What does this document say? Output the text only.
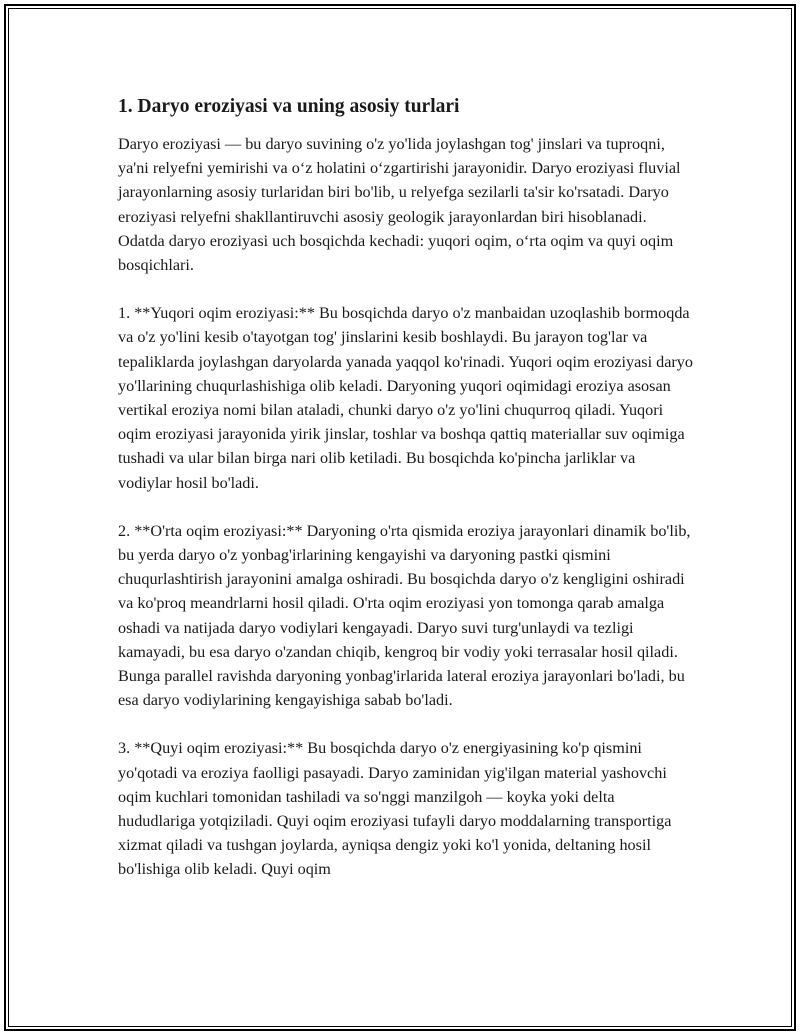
1. Daryo eroziyasi va uning asosiy turlari

Daryo eroziyasi — bu daryo suvining o'z yo'lida joylashgan tog' jinslari va tuproqni, ya'ni relyefni yemirishi va o‘z holatini o‘zgartirishi jarayonidir. Daryo eroziyasi fluvial jarayonlarning asosiy turlaridan biri bo'lib, u relyefga sezilarli ta'sir ko'rsatadi. Daryo eroziyasi relyefni shakllantiruvchi asosiy geologik jarayonlardan biri hisoblanadi. Odatda daryo eroziyasi uch bosqichda kechadi: yuqori oqim, o‘rta oqim va quyi oqim bosqichlari.

1. **Yuqori oqim eroziyasi:** Bu bosqichda daryo o'z manbaidan uzoqlashib bormoqda va o'z yo'lini kesib o'tayotgan tog' jinslarini kesib boshlaydi. Bu jarayon tog'lar va tepaliklarda joylashgan daryolarda yanada yaqqol ko'rinadi. Yuqori oqim eroziyasi daryo yo'llarining chuqurlashishiga olib keladi. Daryoning yuqori oqimidagi eroziya asosan vertikal eroziya nomi bilan ataladi, chunki daryo o'z yo'lini chuqurroq qiladi. Yuqori oqim eroziyasi jarayonida yirik jinslar, toshlar va boshqa qattiq materiallar suv oqimiga tushadi va ular bilan birga nari olib ketiladi. Bu bosqichda ko'pincha jarliklar va vodiylar hosil bo'ladi.

2. **O'rta oqim eroziyasi:** Daryoning o'rta qismida eroziya jarayonlari dinamik bo'lib, bu yerda daryo o'z yonbag'irlarining kengayishi va daryoning pastki qismini chuqurlashtirish jarayonini amalga oshiradi. Bu bosqichda daryo o'z kengligini oshiradi va ko'proq meandrlarni hosil qiladi. O'rta oqim eroziyasi yon tomonga qarab amalga oshadi va natijada daryo vodiylari kengayadi. Daryo suvi turg'unlaydi va tezligi kamayadi, bu esa daryo o'zandan chiqib, kengroq bir vodiy yoki terrasalar hosil qiladi. Bunga parallel ravishda daryoning yonbag'irlarida lateral eroziya jarayonlari bo'ladi, bu esa daryo vodiylarining kengayishiga sabab bo'ladi.

3. **Quyi oqim eroziyasi:** Bu bosqichda daryo o'z energiyasining ko'p qismini yo'qotadi va eroziya faolligi pasayadi. Daryo zaminidan yig'ilgan material yashovchi oqim kuchlari tomonidan tashiladi va so'nggi manzilgoh — koyka yoki delta hududlariga yotqiziladi. Quyi oqim eroziyasi tufayli daryo moddalarning transportiga xizmat qiladi va tushgan joylarda, ayniqsa dengiz yoki ko'l yonida, deltaning hosil bo'lishiga olib keladi. Quyi oqim
